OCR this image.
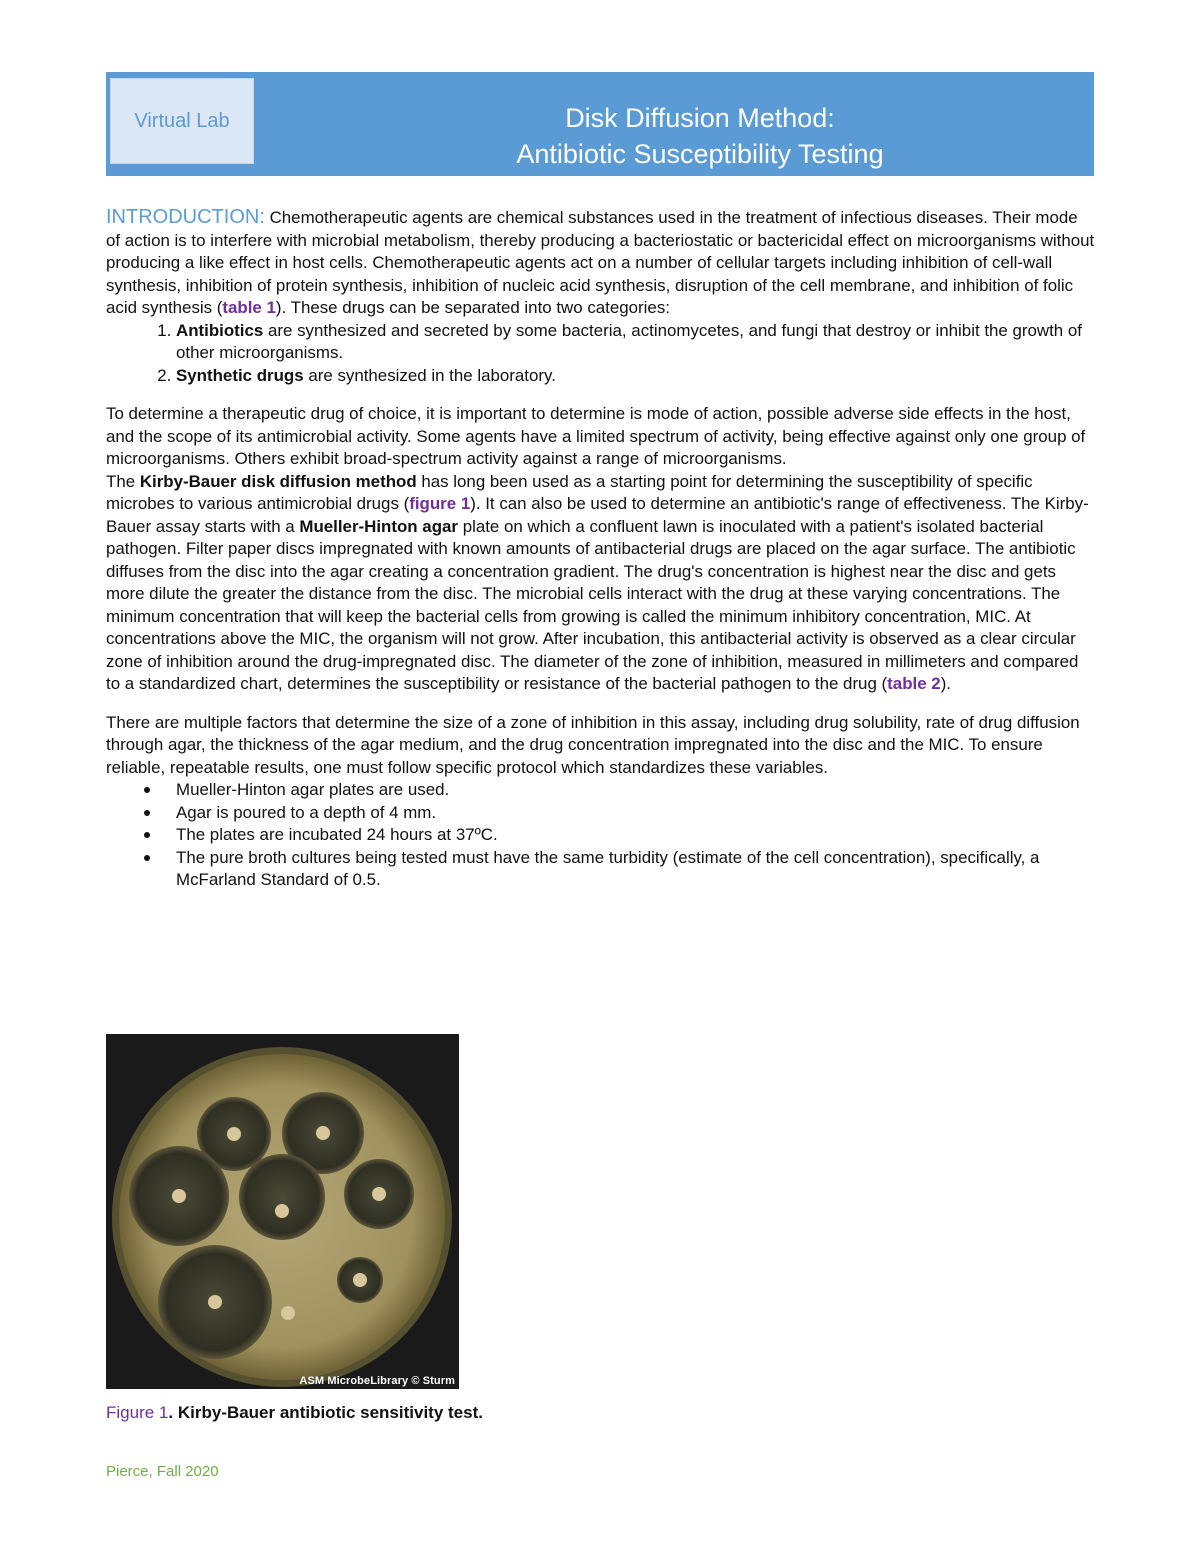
Virtual Lab	Disk Diffusion Method:
Antibiotic Susceptibility Testing

INTRODUCTION: Chemotherapeutic agents are chemical substances used in the treatment of infectious diseases. Their mode of action is to interfere with microbial metabolism, thereby producing a bacteriostatic or bactericidal effect on microorganisms without producing a like effect in host cells. Chemotherapeutic agents act on a number of cellular targets including inhibition of cell-wall synthesis, inhibition of protein synthesis, inhibition of nucleic acid synthesis, disruption of the cell membrane, and inhibition of folic acid synthesis (table 1). These drugs can be separated into two categories:

1. Antibiotics are synthesized and secreted by some bacteria, actinomycetes, and fungi that destroy or inhibit the growth of other microorganisms.
2. Synthetic drugs are synthesized in the laboratory.

To determine a therapeutic drug of choice, it is important to determine is mode of action, possible adverse side effects in the host, and the scope of its antimicrobial activity. Some agents have a limited spectrum of activity, being effective against only one group of microorganisms. Others exhibit broad-spectrum activity against a range of microorganisms.

The Kirby-Bauer disk diffusion method has long been used as a starting point for determining the susceptibility of specific microbes to various antimicrobial drugs (figure 1). It can also be used to determine an antibiotic's range of effectiveness. The Kirby-Bauer assay starts with a Mueller-Hinton agar plate on which a confluent lawn is inoculated with a patient's isolated bacterial pathogen. Filter paper discs impregnated with known amounts of antibacterial drugs are placed on the agar surface. The antibiotic diffuses from the disc into the agar creating a concentration gradient. The drug's concentration is highest near the disc and gets more dilute the greater the distance from the disc. The microbial cells interact with the drug at these varying concentrations. The minimum concentration that will keep the bacterial cells from growing is called the minimum inhibitory concentration, MIC. At concentrations above the MIC, the organism will not grow. After incubation, this antibacterial activity is observed as a clear circular zone of inhibition around the drug-impregnated disc. The diameter of the zone of inhibition, measured in millimeters and compared to a standardized chart, determines the susceptibility or resistance of the bacterial pathogen to the drug (table 2).

There are multiple factors that determine the size of a zone of inhibition in this assay, including drug solubility, rate of drug diffusion through agar, the thickness of the agar medium, and the drug concentration impregnated into the disc and the MIC. To ensure reliable, repeatable results, one must follow specific protocol which standardizes these variables.

Mueller-Hinton agar plates are used.
Agar is poured to a depth of 4 mm.
The plates are incubated 24 hours at 37ºC.
The pure broth cultures being tested must have the same turbidity (estimate of the cell concentration), specifically, a McFarland Standard of 0.5.
ASM MicrobeLibrary © Sturm
Figure 1. Kirby-Bauer antibiotic sensitivity test.
Pierce, Fall 2020
